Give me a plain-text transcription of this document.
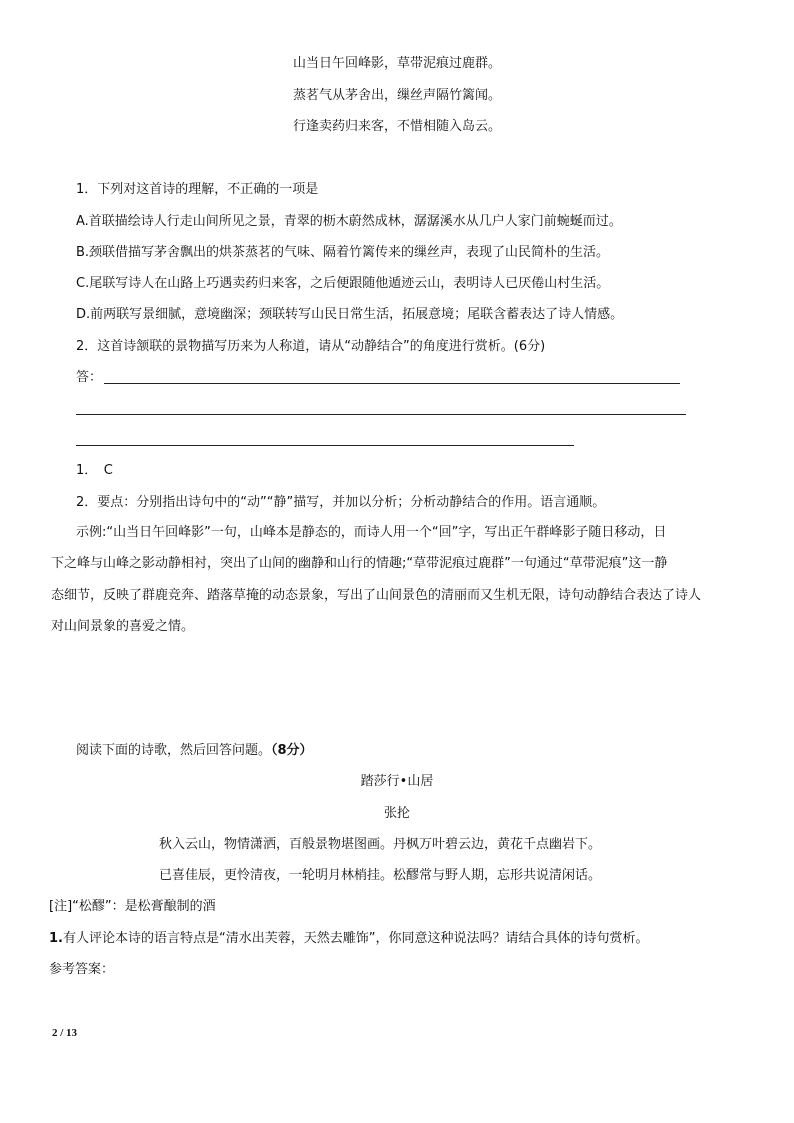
山当日午回峰影，草带泥痕过鹿群。
蒸茗气从茅舍出，缫丝声隔竹篱闻。
行逢卖药归来客，不惜相随入岛云。
1．下列对这首诗的理解，不正确的一项是
A.首联描绘诗人行走山间所见之景，青翠的枥木蔚然成林，潺潺溪水从几户人家门前蜿蜒而过。
B.颈联借描写茅舍飘出的烘茶蒸茗的气味、隔着竹篱传来的缫丝声，表现了山民简朴的生活。
C.尾联写诗人在山路上巧遇卖药归来客，之后便跟随他遁迹云山，表明诗人已厌倦山村生活。
D.前两联写景细腻，意境幽深；颈联转写山民日常生活，拓展意境；尾联含蓄表达了诗人情感。
2．这首诗颔联的景物描写历来为人称道，请从“动静结合”的角度进行赏析。(6分)
答：
1．　C
2．要点：分别指出诗句中的“动”“静”描写，并加以分析；分析动静结合的作用。语言通顺。
示例:“山当日午回峰影”一句，山峰本是静态的，而诗人用一个“回”字，写出正午群峰影子随日移动，日
下之峰与山峰之影动静相衬，突出了山间的幽静和山行的情趣;“草带泥痕过鹿群”一句通过“草带泥痕”这一静
态细节，反映了群鹿竞奔、踏落草掩的动态景象，写出了山间景色的清丽而又生机无限，诗句动静结合表达了诗人
对山间景象的喜爱之情。
阅读下面的诗歌，然后回答问题。（8分）
踏莎行•山居
张抡
秋入云山，物情潇洒，百般景物堪图画。丹枫万叶碧云边，黄花千点幽岩下。
已喜佳辰，更怜清夜，一轮明月林梢挂。松醪常与野人期，忘形共说清闲话。
[注]“松醪”：是松膏酿制的酒
1.有人评论本诗的语言特点是“清水出芙蓉，天然去雕饰”，你同意这种说法吗？请结合具体的诗句赏析。
参考答案：
2 / 13
